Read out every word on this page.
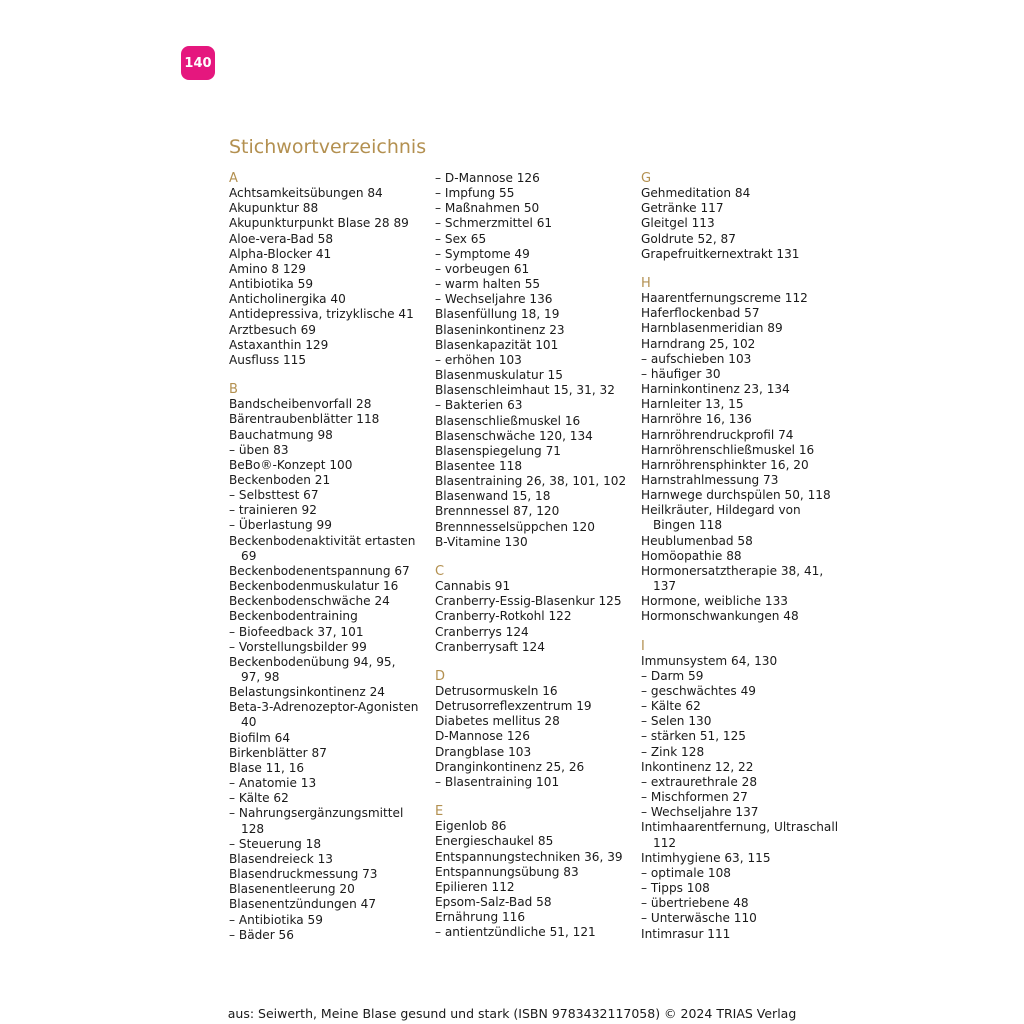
140
Stichwortverzeichnis
A
Achtsamkeitsübungen 84
Akupunktur 88
Akupunkturpunkt Blase 28 89
Aloe-vera-Bad 58
Alpha-Blocker 41
Amino 8 129
Antibiotika 59
Anticholinergika 40
Antidepressiva, trizyklische 41
Arztbesuch 69
Astaxanthin 129
Ausfluss 115
B
Bandscheibenvorfall 28
Bärentraubenblätter 118
Bauchatmung 98
– üben 83
BeBo®-Konzept 100
Beckenboden 21
– Selbsttest 67
– trainieren 92
– Überlastung 99
Beckenbodenaktivität ertasten
69
Beckenbodenentspannung 67
Beckenbodenmuskulatur 16
Beckenbodenschwäche 24
Beckenbodentraining
– Biofeedback 37, 101
– Vorstellungsbilder 99
Beckenbodenübung 94, 95,
97, 98
Belastungsinkontinenz 24
Beta-3-Adrenozeptor-Agonisten
40
Biofilm 64
Birkenblätter 87
Blase 11, 16
– Anatomie 13
– Kälte 62
– Nahrungsergänzungsmittel
128
– Steuerung 18
Blasendreieck 13
Blasendruckmessung 73
Blasenentleerung 20
Blasenentzündungen 47
– Antibiotika 59
– Bäder 56
– D-Mannose 126
– Impfung 55
– Maßnahmen 50
– Schmerzmittel 61
– Sex 65
– Symptome 49
– vorbeugen 61
– warm halten 55
– Wechseljahre 136
Blasenfüllung 18, 19
Blaseninkontinenz 23
Blasenkapazität 101
– erhöhen 103
Blasenmuskulatur 15
Blasenschleimhaut 15, 31, 32
– Bakterien 63
Blasenschließmuskel 16
Blasenschwäche 120, 134
Blasenspiegelung 71
Blasentee 118
Blasentraining 26, 38, 101, 102
Blasenwand 15, 18
Brennnessel 87, 120
Brennnesselsüppchen 120
B-Vitamine 130
C
Cannabis 91
Cranberry-Essig-Blasenkur 125
Cranberry-Rotkohl 122
Cranberrys 124
Cranberrysaft 124
D
Detrusormuskeln 16
Detrusorreflexzentrum 19
Diabetes mellitus 28
D-Mannose 126
Drangblase 103
Dranginkontinenz 25, 26
– Blasentraining 101
E
Eigenlob 86
Energieschaukel 85
Entspannungstechniken 36, 39
Entspannungsübung 83
Epilieren 112
Epsom-Salz-Bad 58
Ernährung 116
– antientzündliche 51, 121
G
Gehmeditation 84
Getränke 117
Gleitgel 113
Goldrute 52, 87
Grapefruitkernextrakt 131
H
Haarentfernungscreme 112
Haferflockenbad 57
Harnblasenmeridian 89
Harndrang 25, 102
– aufschieben 103
– häufiger 30
Harninkontinenz 23, 134
Harnleiter 13, 15
Harnröhre 16, 136
Harnröhrendruckprofil 74
Harnröhrenschließmuskel 16
Harnröhrensphinkter 16, 20
Harnstrahlmessung 73
Harnwege durchspülen 50, 118
Heilkräuter, Hildegard von
Bingen 118
Heublumenbad 58
Homöopathie 88
Hormonersatztherapie 38, 41,
137
Hormone, weibliche 133
Hormonschwankungen 48
I
Immunsystem 64, 130
– Darm 59
– geschwächtes 49
– Kälte 62
– Selen 130
– stärken 51, 125
– Zink 128
Inkontinenz 12, 22
– extraurethrale 28
– Mischformen 27
– Wechseljahre 137
Intimhaarentfernung, Ultraschall
112
Intimhygiene 63, 115
– optimale 108
– Tipps 108
– übertriebene 48
– Unterwäsche 110
Intimrasur 111
aus: Seiwerth, Meine Blase gesund und stark (ISBN 9783432117058) © 2024 TRIAS Verlag
